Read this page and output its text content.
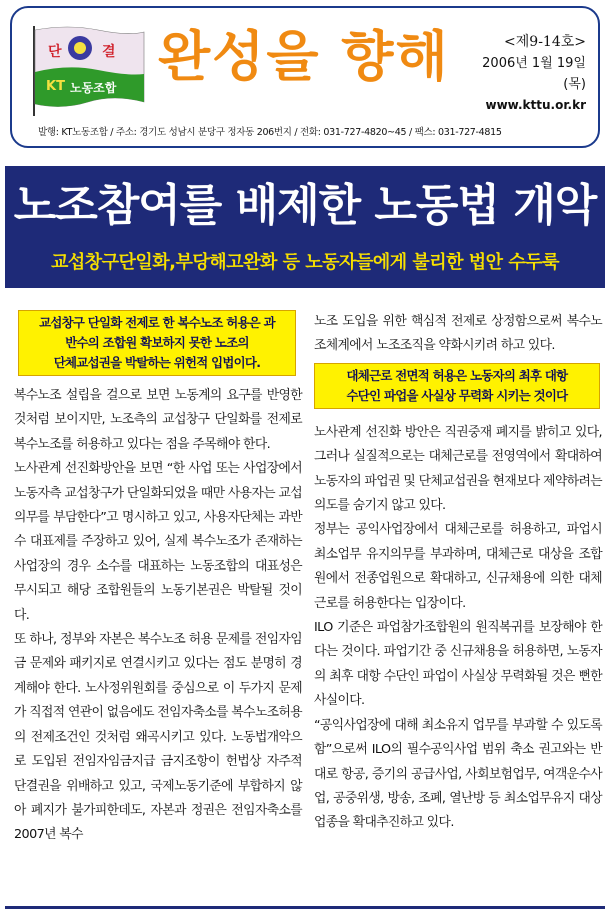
단	결
KT 노동조합 완성을 향해	<제9-14호>
2006년 1월 19일(목)
www.kttu.or.kr
발행: KT노동조합 / 주소: 경기도 성남시 분당구 정자동 206번지 / 전화: 031-727-4820~45 / 팩스: 031-727-4815
노조참여를 배제한 노동법 개악
교섭창구단일화,부당해고완화 등 노동자들에게 불리한 법안 수두룩
교섭창구 단일화 전제로 한 복수노조 허용은 과
반수의 조합원 확보하지 못한 노조의
단체교섭권을 박탈하는 위헌적 입법이다.

복수노조 설립을 걸으로 보면 노동계의 요구를 반영한 것처럼 보이지만, 노조측의 교섭창구 단일화를 전제로 복수노조를 허용하고 있다는 점을 주목해야 한다.

노사관계 선진화방안을 보면 “한 사업 또는 사업장에서 노동자측 교섭창구가 단일화되었을 때만 사용자는 교섭의무를 부담한다”고 명시하고 있고, 사용자단체는 과반수 대표제를 주장하고 있어, 실제 복수노조가 존재하는 사업장의 경우 소수를 대표하는 노동조합의 대표성은 무시되고 해당 조합원들의 노동기본권은 박탈될 것이다.

또 하나, 정부와 자본은 복수노조 허용 문제를 전임자임금 문제와 패키지로 연결시키고 있다는 점도 분명히 경계해야 한다. 노사정위원회를 중심으로 이 두가지 문제가 직접적 연관이 없음에도 전임자축소를 복수노조허용의 전제조건인 것처럼 왜곡시키고 있다. 노동법개악으로 도입된 전임자임금지급 금지조항이 헌법상 자주적 단결권을 위배하고 있고, 국제노동기준에 부합하지 않아 폐지가 불가피한데도, 자본과 정권은 전임자축소를 2007년 복수

노조 도입을 위한 핵심적 전제로 상정함으로써 복수노조체계에서 노조조직을 약화시키려 하고 있다.

대체근로 전면적 허용은 노동자의 최후 대항
수단인 파업을 사실상 무력화 시키는 것이다

노사관계 선진화 방안은 직권중재 폐지를 밝히고 있다, 그러나 실질적으로는 대체근로를 전영역에서 확대하여 노동자의 파업권 및 단체교섭권을 현재보다 제약하려는 의도를 숨기지 않고 있다.

정부는 공익사업장에서 대체근로를 허용하고, 파업시 최소업무 유지의무를 부과하며, 대체근로 대상을 조합원에서 전종업원으로 확대하고, 신규채용에 의한 대체근로를 허용한다는 입장이다.

ILO 기준은 파업참가조합원의 원직복귀를 보장해야 한다는 것이다. 파업기간 중 신규채용을 허용하면, 노동자의 최후 대항 수단인 파업이 사실상 무력화될 것은 뻔한 사실이다.

“공익사업장에 대해 최소유지 업무를 부과할 수 있도록 함”으로써 ILO의 필수공익사업 범위 축소 권고와는 반대로 항공, 증기의 공급사업, 사회보험업무, 여객운수사업, 공중위생, 방송, 조폐, 열난방 등 최소업무유지 대상 업종을 확대추진하고 있다.
